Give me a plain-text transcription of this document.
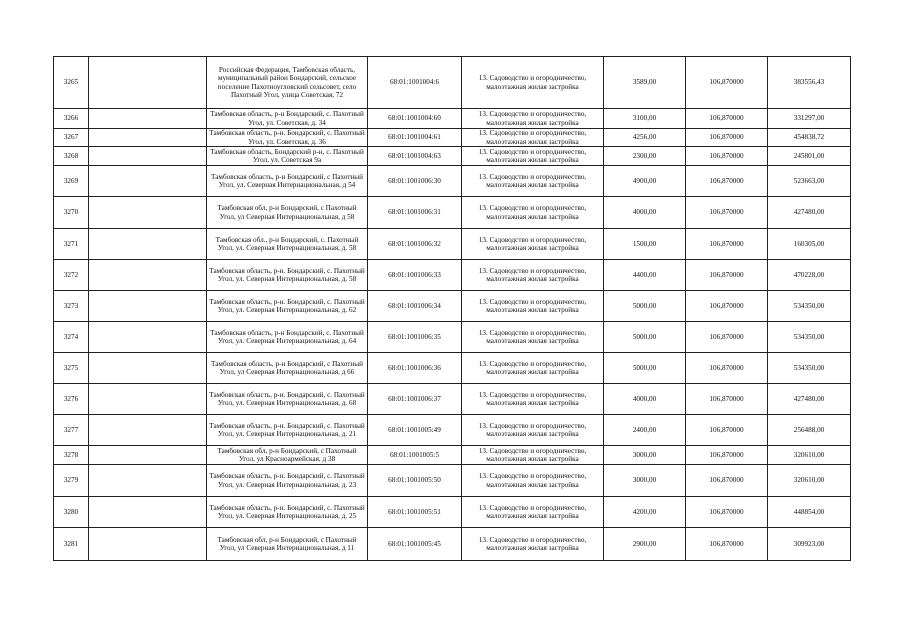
3265		Российская Федерация, Тамбовская область, муниципальный район Бондарский, сельское поселение Пахотноугловский сельсовет, село Пахотный Угол, улица Советская, 72	68:01:1001004:6	13. Садоводство и огородничество, малоэтажная жилая застройка	3589,00	106,870000	383556,43
3266		Тамбовская область, р-н Бондарский, с. Пахотный Угол, ул. Советская, д. 34	68:01:1001004:60	13. Садоводство и огородничество, малоэтажная жилая застройка	3100,00	106,870000	331297,00
3267		Тамбовская область, р-н. Бондарский, с. Пахотный Угол, ул. Советская, д. 36	68:01:1001004:61	13. Садоводство и огородничество, малоэтажная жилая застройка	4256,00	106,870000	454838,72
3268		Тамбовская область, Бондарский р-н, с. Пахотный Угол, ул. Советская 9а	68:01:1001004:63	13. Садоводство и огородничество, малоэтажная жилая застройка	2300,00	106,870000	245801,00
3269		Тамбовская область, р-н Бондарский, с Пахотный Угол, ул. Северная Интернациональная, д 54	68:01:1001006:30	13. Садоводство и огородничество, малоэтажная жилая застройка	4900,00	106,870000	523663,00
3270		Тамбовская обл, р-н Бондарский, с Пахотный Угол, ул Северная Интернациональная, д 58	68:01:1001006:31	13. Садоводство и огородничество, малоэтажная жилая застройка	4000,00	106,870000	427480,00
3271		Тамбовская обл., р-н Бондарский, с. Пахотный Угол, ул. Северная Интернациональная, д. 58	68:01:1001006:32	13. Садоводство и огородничество, малоэтажная жилая застройка	1500,00	106,870000	160305,00
3272		Тамбовская область, р-н. Бондарский, с. Пахотный Угол, ул. Северная Интернациональная, д. 58	68:01:1001006:33	13. Садоводство и огородничество, малоэтажная жилая застройка	4400,00	106,870000	470228,00
3273		Тамбовская область, р-н. Бондарский, с. Пахотный Угол, ул. Северная Интернациональная, д. 62	68:01:1001006:34	13. Садоводство и огородничество, малоэтажная жилая застройка	5000,00	106,870000	534350,00
3274		Тамбовская область, р-н Бондарский, с. Пахотный Угол, ул. Северная Интернациональная, д. 64	68:01:1001006:35	13. Садоводство и огородничество, малоэтажная жилая застройка	5000,00	106,870000	534350,00
3275		Тамбовская область, р-н Бондарский, с Пахотный Угол, ул Северная Интернациональная, д 66	68:01:1001006:36	13. Садоводство и огородничество, малоэтажная жилая застройка	5000,00	106,870000	534350,00
3276		Тамбовская область, р-н. Бондарский, с. Пахотный Угол, ул. Северная Интернациональная, д. 68	68:01:1001006:37	13. Садоводство и огородничество, малоэтажная жилая застройка	4000,00	106,870000	427480,00
3277		Тамбовская область, р-н. Бондарский, с. Пахотный Угол, ул. Северная Интернациональная, д. 21	68:01:1001005:49	13. Садоводство и огородничество, малоэтажная жилая застройка	2400,00	106,870000	256488,00
3278		Тамбовская обл, р-н Бондарский, с Пахотный Угол, ул Красноармейская, д 38	68:01:1001005:5	13. Садоводство и огородничество, малоэтажная жилая застройка	3000,00	106,870000	320610,00
3279		Тамбовская область, р-н. Бондарский, с. Пахотный Угол, ул. Северная Интернациональная, д. 23	68:01:1001005:50	13. Садоводство и огородничество, малоэтажная жилая застройка	3000,00	106,870000	320610,00
3280		Тамбовская область, р-н. Бондарский, с. Пахотный Угол, ул. Северная Интернациональная, д. 25	68:01:1001005:51	13. Садоводство и огородничество, малоэтажная жилая застройка	4200,00	106,870000	448854,00
3281		Тамбовская обл, р-н Бондарский, с Пахотный Угол, ул Северная Интернациональная, д 11	68:01:1001005:45	13. Садоводство и огородничество, малоэтажная жилая застройка	2900,00	106,870000	309923,00
